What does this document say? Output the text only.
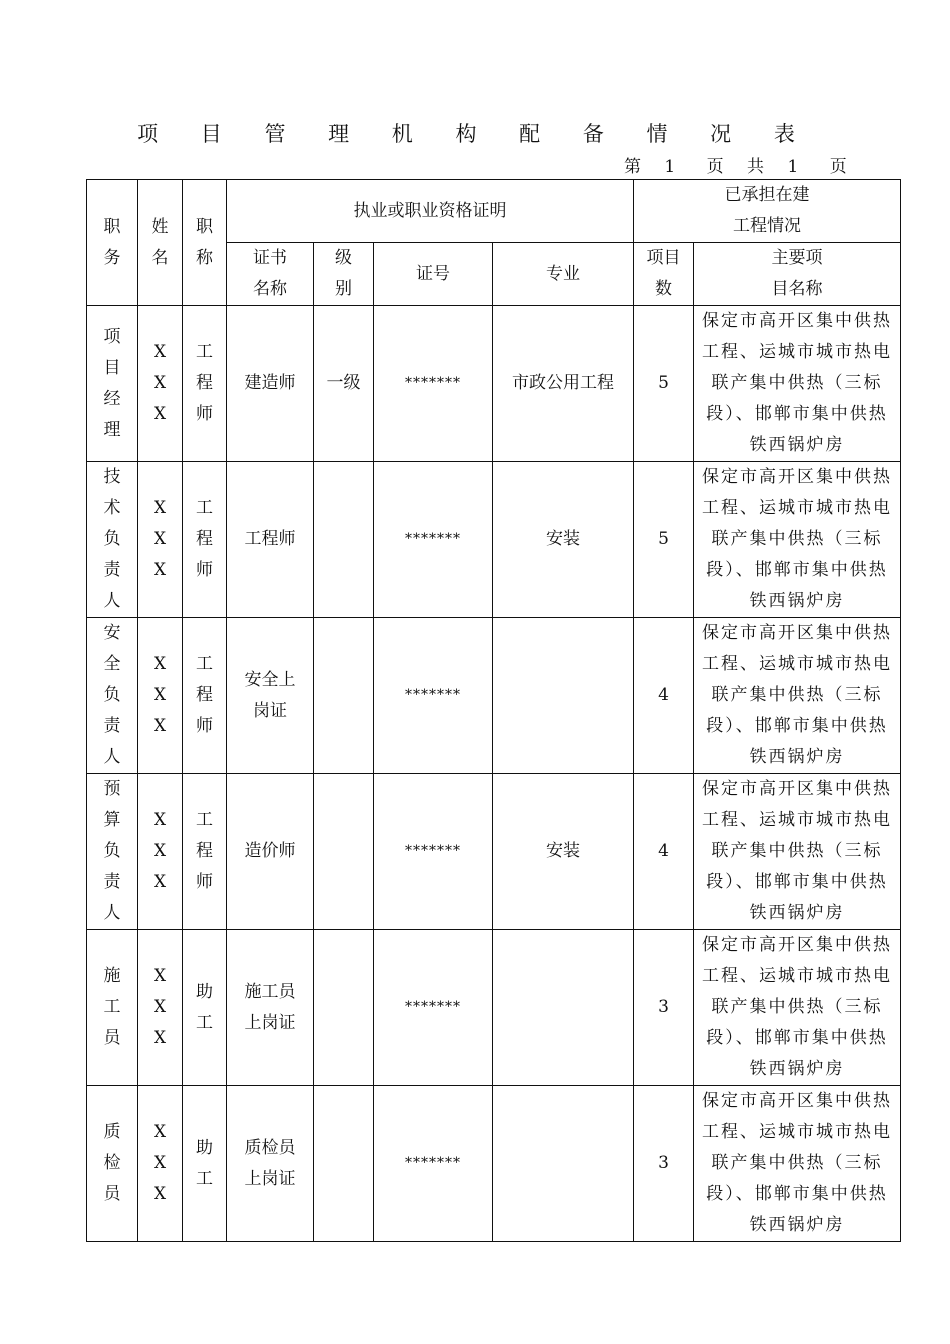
项 目 管 理 机 构 配 备 情 况 表
第 1 页 共 1 页
职务	姓名	职称	执业或职业资格证明				已承担在建工程情况	

			证书名称	级别	证号	专业	项目数	主要项目名称

项目经理	XXX	工程师	建造师	一级	*******	市政公用工程	5	保定市高开区集中供热工程、运城市城市热电联产集中供热（三标段）、邯郸市集中供热铁西锅炉房

技术负责人	XXX	工程师	工程师		*******	安装	5	保定市高开区集中供热工程、运城市城市热电联产集中供热（三标段）、邯郸市集中供热铁西锅炉房

安全负责人	XXX	工程师	安全上岗证		*******		4	保定市高开区集中供热工程、运城市城市热电联产集中供热（三标段）、邯郸市集中供热铁西锅炉房

预算负责人	XXX	工程师	造价师		*******	安装	4	保定市高开区集中供热工程、运城市城市热电联产集中供热（三标段）、邯郸市集中供热铁西锅炉房

施工员	XXX	助工	施工员上岗证		*******		3	保定市高开区集中供热工程、运城市城市热电联产集中供热（三标段）、邯郸市集中供热铁西锅炉房

质检员	XXX	助工	质检员上岗证		*******		3	保定市高开区集中供热工程、运城市城市热电联产集中供热（三标段）、邯郸市集中供热铁西锅炉房
